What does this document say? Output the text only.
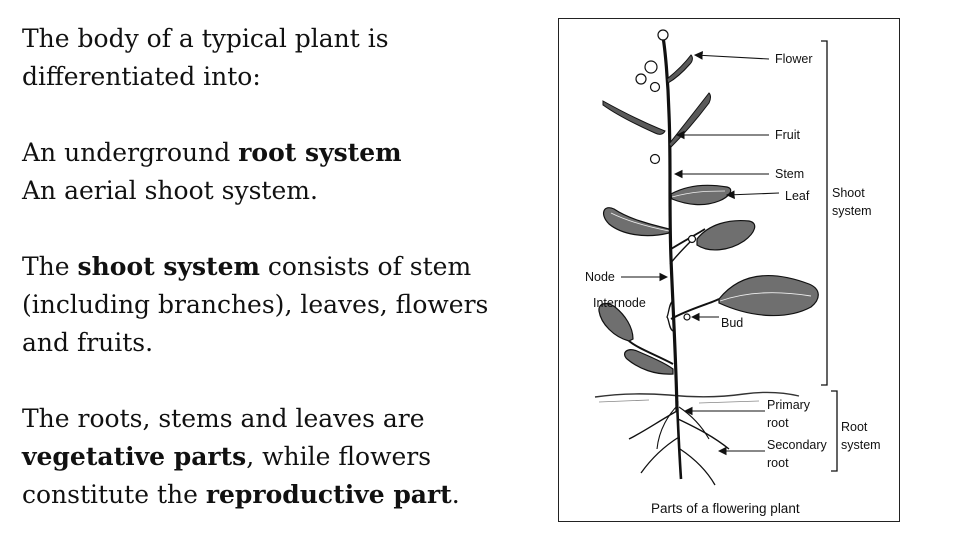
The body of a typical plant is
differentiated into:

An underground root system
An aerial shoot system.

The shoot system consists of stem
(including branches), leaves, flowers
and fruits.

The roots, stems and leaves are
vegetative parts, while flowers
constitute the reproductive part.

Flower
Fruit
Stem
Leaf Shoot
system
Node
Internode
Bud
Primary
root
Secondary
root
Root
system
Parts of a flowering plant
